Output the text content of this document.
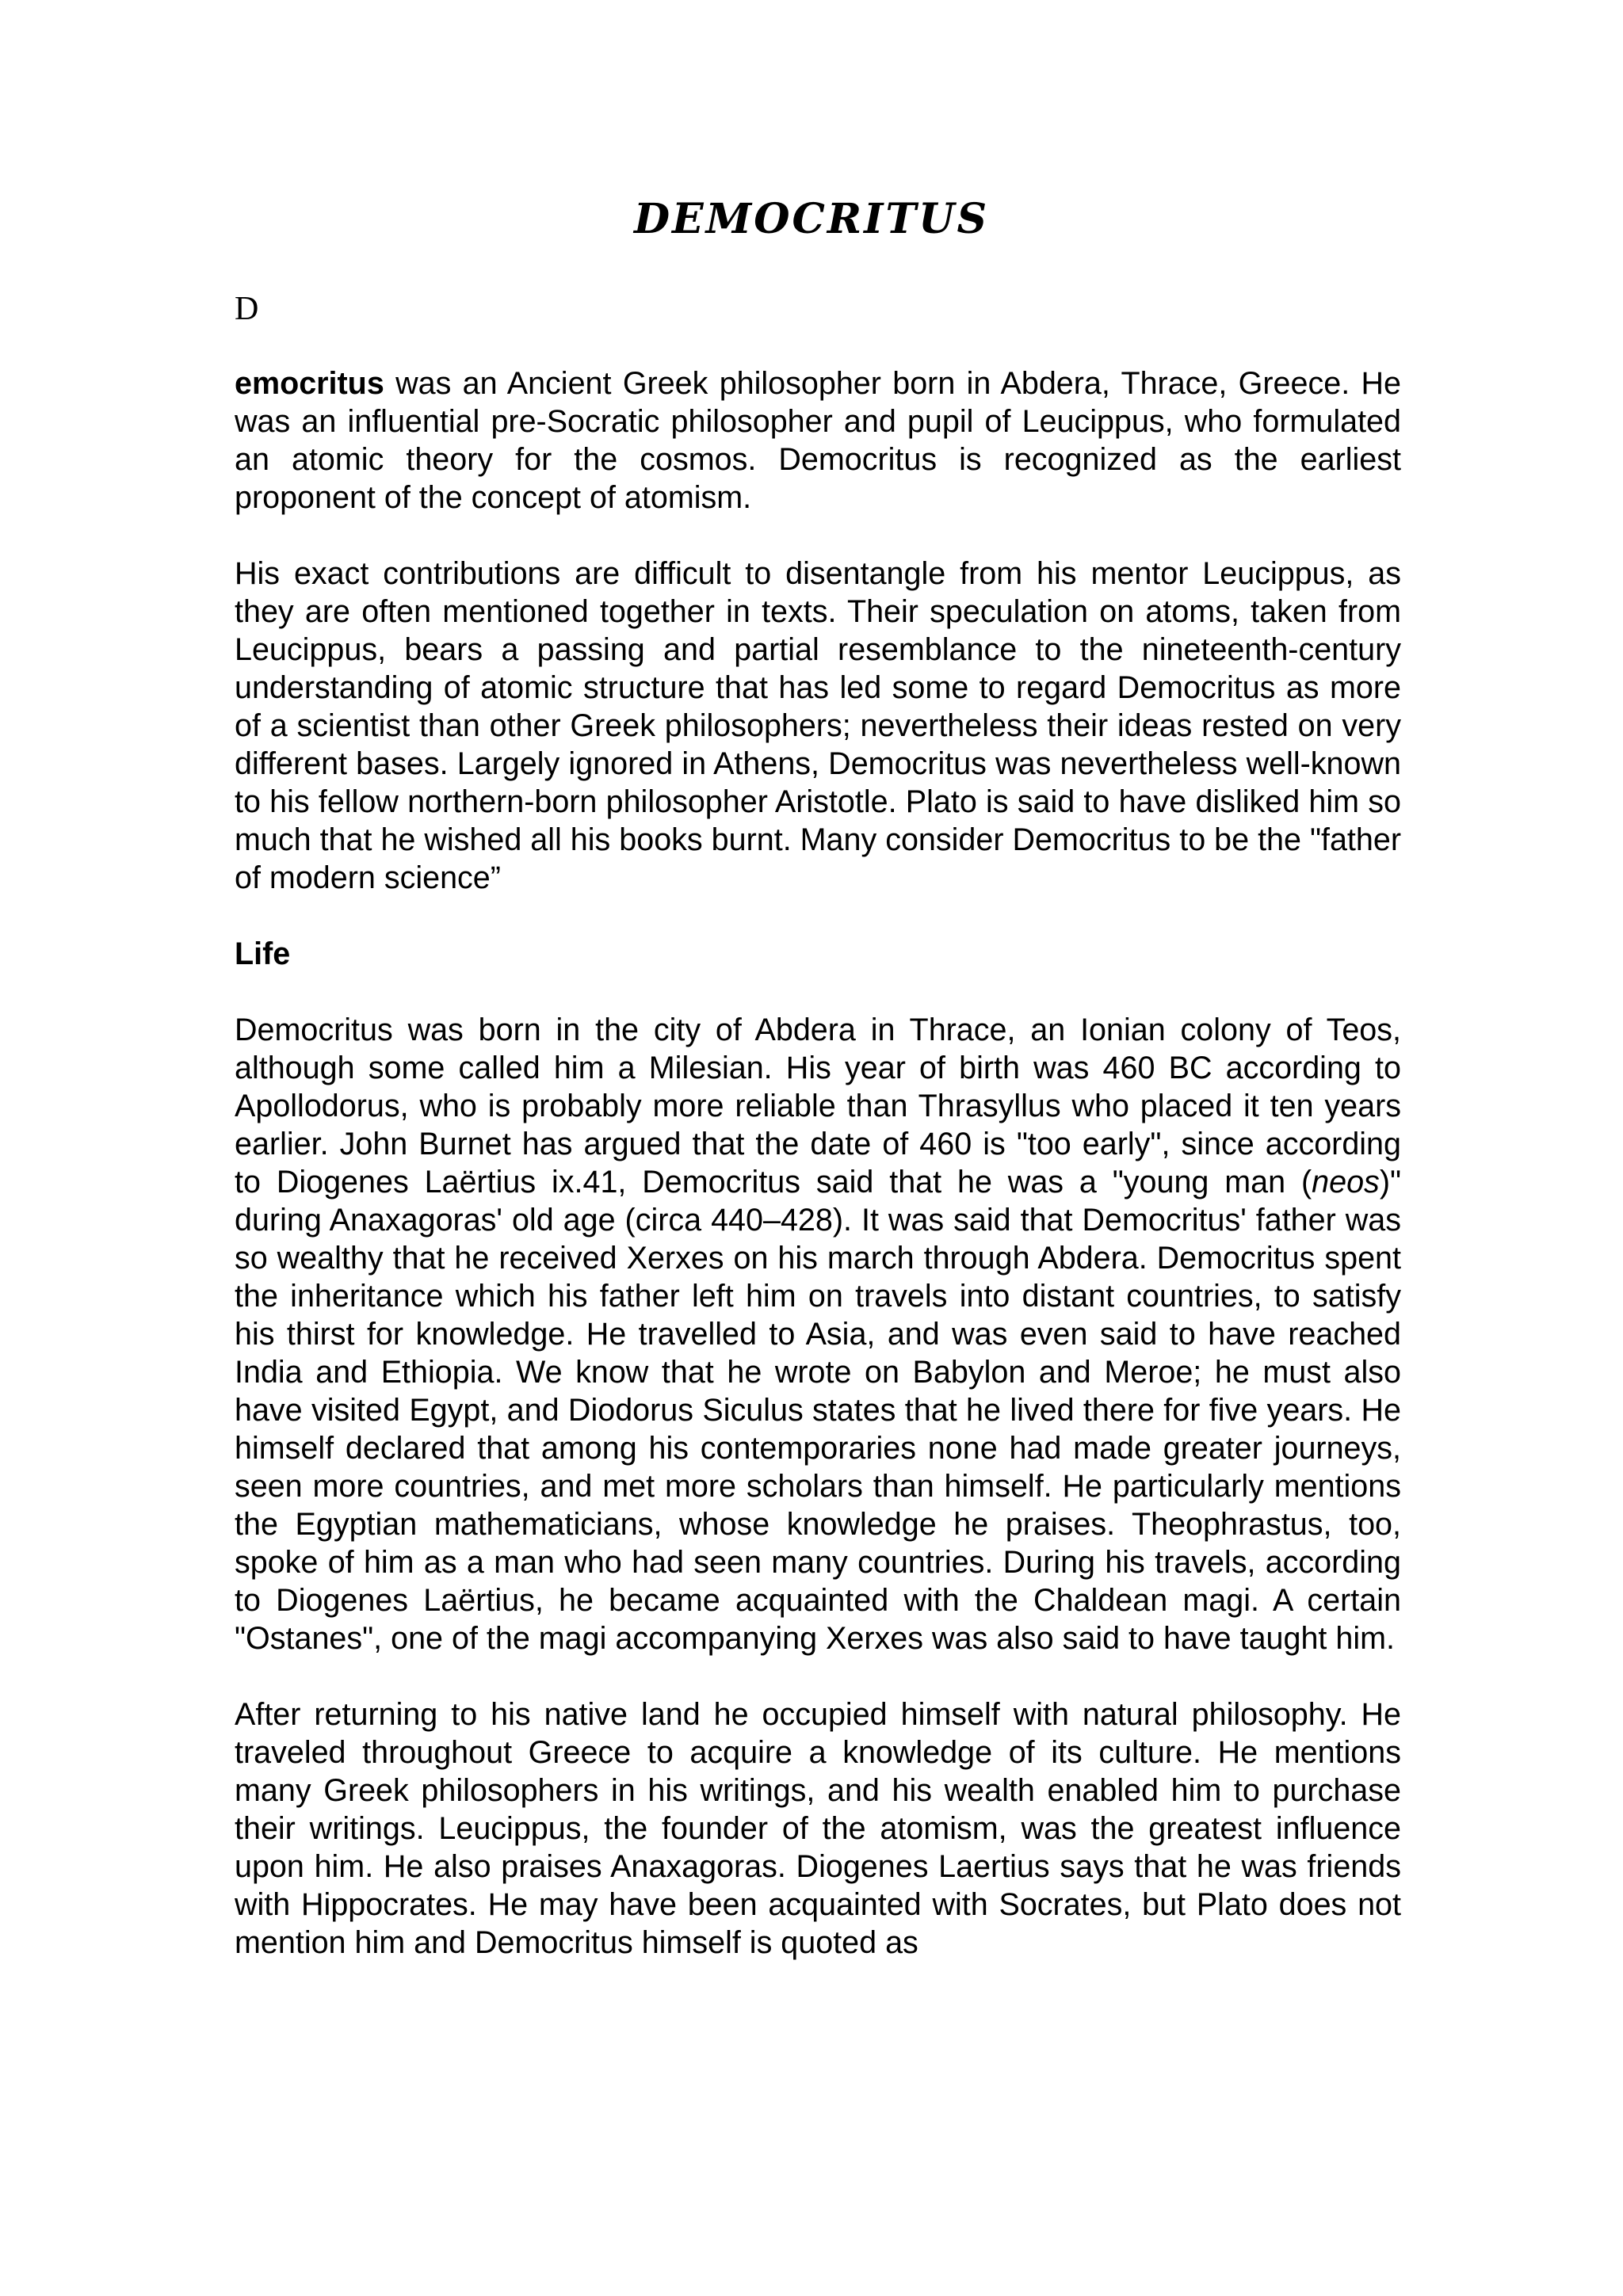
DEMOCRITUS
D

emocritus was an Ancient Greek philosopher born in Abdera, Thrace, Greece. He was an influential pre-Socratic philosopher and pupil of Leucippus, who formulated an atomic theory for the cosmos. Democritus is recognized as the earliest proponent of the concept of atomism.

His exact contributions are difficult to disentangle from his mentor Leucippus, as they are often mentioned together in texts. Their speculation on atoms, taken from Leucippus, bears a passing and partial resemblance to the nineteenth-century understanding of atomic structure that has led some to regard Democritus as more of a scientist than other Greek philosophers; nevertheless their ideas rested on very different bases. Largely ignored in Athens, Democritus was nevertheless well-known to his fellow northern-born philosopher Aristotle. Plato is said to have disliked him so much that he wished all his books burnt. Many consider Democritus to be the "father of modern science”

Life

Democritus was born in the city of Abdera in Thrace, an Ionian colony of Teos, although some called him a Milesian. His year of birth was 460 BC according to Apollodorus, who is probably more reliable than Thrasyllus who placed it ten years earlier. John Burnet has argued that the date of 460 is "too early", since according to Diogenes Laërtius ix.41, Democritus said that he was a "young man (neos)" during Anaxagoras' old age (circa 440–428). It was said that Democritus' father was so wealthy that he received Xerxes on his march through Abdera. Democritus spent the inheritance which his father left him on travels into distant countries, to satisfy his thirst for knowledge. He travelled to Asia, and was even said to have reached India and Ethiopia. We know that he wrote on Babylon and Meroe; he must also have visited Egypt, and Diodorus Siculus states that he lived there for five years. He himself declared that among his contemporaries none had made greater journeys, seen more countries, and met more scholars than himself. He particularly mentions the Egyptian mathematicians, whose knowledge he praises. Theophrastus, too, spoke of him as a man who had seen many countries. During his travels, according to Diogenes Laërtius, he became acquainted with the Chaldean magi. A certain "Ostanes", one of the magi accompanying Xerxes was also said to have taught him.

After returning to his native land he occupied himself with natural philosophy. He traveled throughout Greece to acquire a knowledge of its culture. He mentions many Greek philosophers in his writings, and his wealth enabled him to purchase their writings. Leucippus, the founder of the atomism, was the greatest influence upon him. He also praises Anaxagoras. Diogenes Laertius says that he was friends with Hippocrates. He may have been acquainted with Socrates, but Plato does not mention him and Democritus himself is quoted as
